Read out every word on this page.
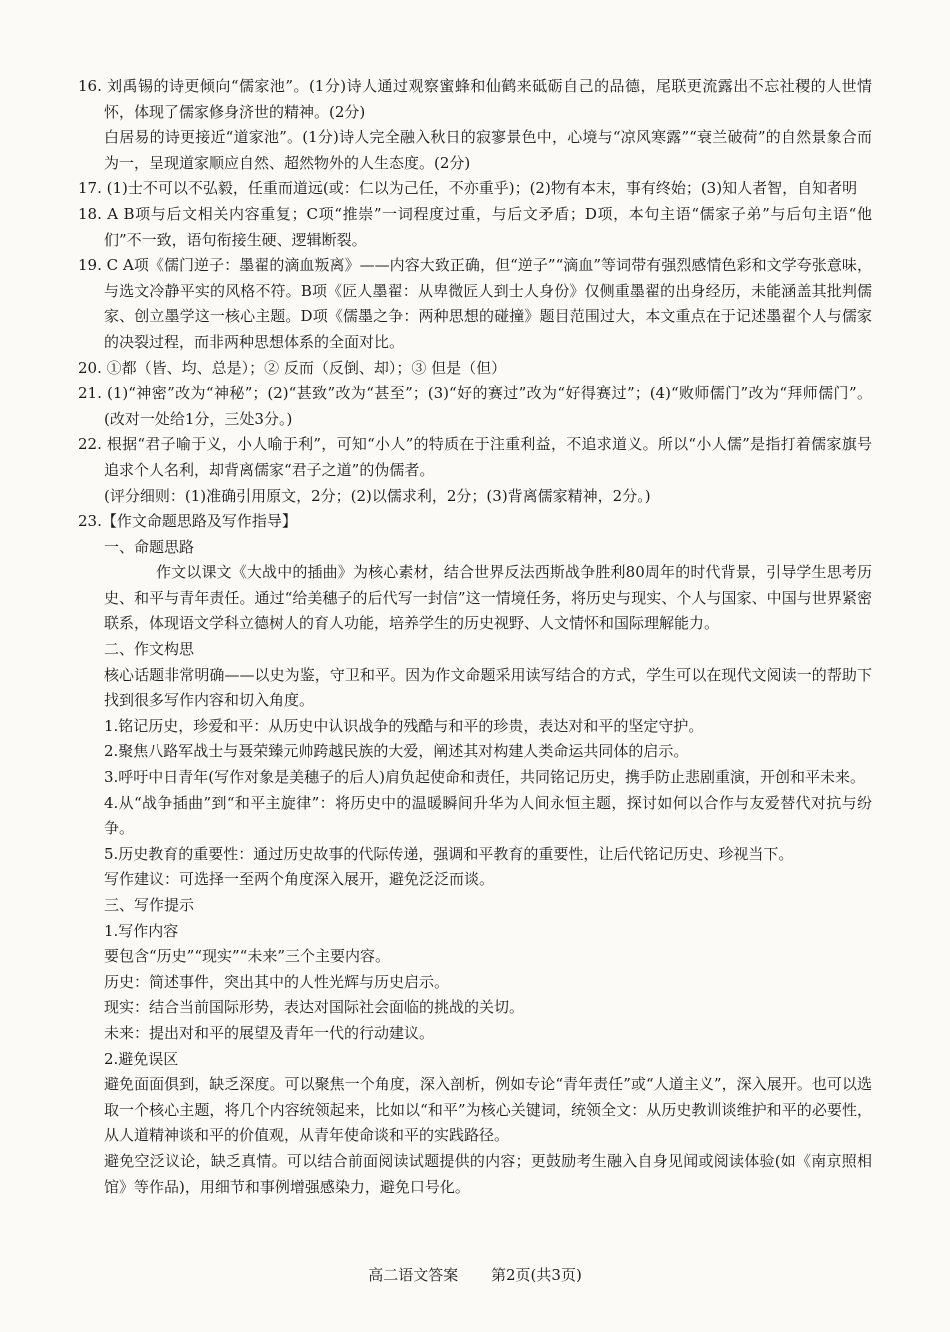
16. 刘禹锡的诗更倾向“儒家池”。(1分)诗人通过观察蜜蜂和仙鹤来砥砺自己的品德，尾联更流露出不忘社稷的人世情怀，体现了儒家修身济世的精神。(2分)

白居易的诗更接近“道家池”。(1分)诗人完全融入秋日的寂寥景色中，心境与“凉风寒露”“衰兰破荷”的自然景象合而为一，呈现道家顺应自然、超然物外的人生态度。(2分)

17. (1)士不可以不弘毅，任重而道远(或：仁以为己任，不亦重乎)；(2)物有本末，事有终始；(3)知人者智，自知者明

18. A B项与后文相关内容重复；C项“推崇”一词程度过重，与后文矛盾；D项，本句主语“儒家子弟”与后句主语“他们”不一致，语句衔接生硬、逻辑断裂。

19. C A项《儒门逆子：墨翟的滴血叛离》——内容大致正确，但“逆子”“滴血”等词带有强烈感情色彩和文学夸张意味，与选文冷静平实的风格不符。B项《匠人墨翟：从卑微匠人到士人身份》仅侧重墨翟的出身经历，未能涵盖其批判儒家、创立墨学这一核心主题。D项《儒墨之争：两种思想的碰撞》题目范围过大，本文重点在于记述墨翟个人与儒家的决裂过程，而非两种思想体系的全面对比。

20. ①都（皆、均、总是）；② 反而（反倒、却）；③ 但是（但）

21. (1)“神密”改为“神秘”；(2)“甚致”改为“甚至”；(3)“好的赛过”改为“好得赛过”；(4)“败师儒门”改为“拜师儒门”。(改对一处给1分，三处3分。)

22. 根据“君子喻于义，小人喻于利”，可知“小人”的特质在于注重利益，不追求道义。所以“小人儒”是指打着儒家旗号追求个人名利，却背离儒家“君子之道”的伪儒者。

(评分细则：(1)准确引用原文，2分；(2)以儒求利，2分；(3)背离儒家精神，2分。)

23.【作文命题思路及写作指导】

一、命题思路

作文以课文《大战中的插曲》为核心素材，结合世界反法西斯战争胜利80周年的时代背景，引导学生思考历史、和平与青年责任。通过“给美穗子的后代写一封信”这一情境任务，将历史与现实、个人与国家、中国与世界紧密联系，体现语文学科立德树人的育人功能，培养学生的历史视野、人文情怀和国际理解能力。

二、作文构思

核心话题非常明确——以史为鉴，守卫和平。因为作文命题采用读写结合的方式，学生可以在现代文阅读一的帮助下找到很多写作内容和切入角度。

1.铭记历史，珍爱和平：从历史中认识战争的残酷与和平的珍贵，表达对和平的坚定守护。

2.聚焦八路军战士与聂荣臻元帅跨越民族的大爱，阐述其对构建人类命运共同体的启示。

3.呼吁中日青年(写作对象是美穗子的后人)肩负起使命和责任，共同铭记历史，携手防止悲剧重演，开创和平未来。

4.从“战争插曲”到“和平主旋律”：将历史中的温暖瞬间升华为人间永恒主题，探讨如何以合作与友爱替代对抗与纷争。

5.历史教育的重要性：通过历史故事的代际传递，强调和平教育的重要性，让后代铭记历史、珍视当下。

写作建议：可选择一至两个角度深入展开，避免泛泛而谈。

三、写作提示

1.写作内容

要包含“历史”“现实”“未来”三个主要内容。

历史：简述事件，突出其中的人性光辉与历史启示。

现实：结合当前国际形势，表达对国际社会面临的挑战的关切。

未来：提出对和平的展望及青年一代的行动建议。

2.避免误区

避免面面俱到，缺乏深度。可以聚焦一个角度，深入剖析，例如专论“青年责任”或“人道主义”，深入展开。也可以选取一个核心主题，将几个内容统领起来，比如以“和平”为核心关键词，统领全文：从历史教训谈维护和平的必要性，从人道精神谈和平的价值观，从青年使命谈和平的实践路径。

避免空泛议论，缺乏真情。可以结合前面阅读试题提供的内容；更鼓励考生融入自身见闻或阅读体验(如《南京照相馆》等作品)，用细节和事例增强感染力，避免口号化。

高二语文答案 第2页(共3页)
